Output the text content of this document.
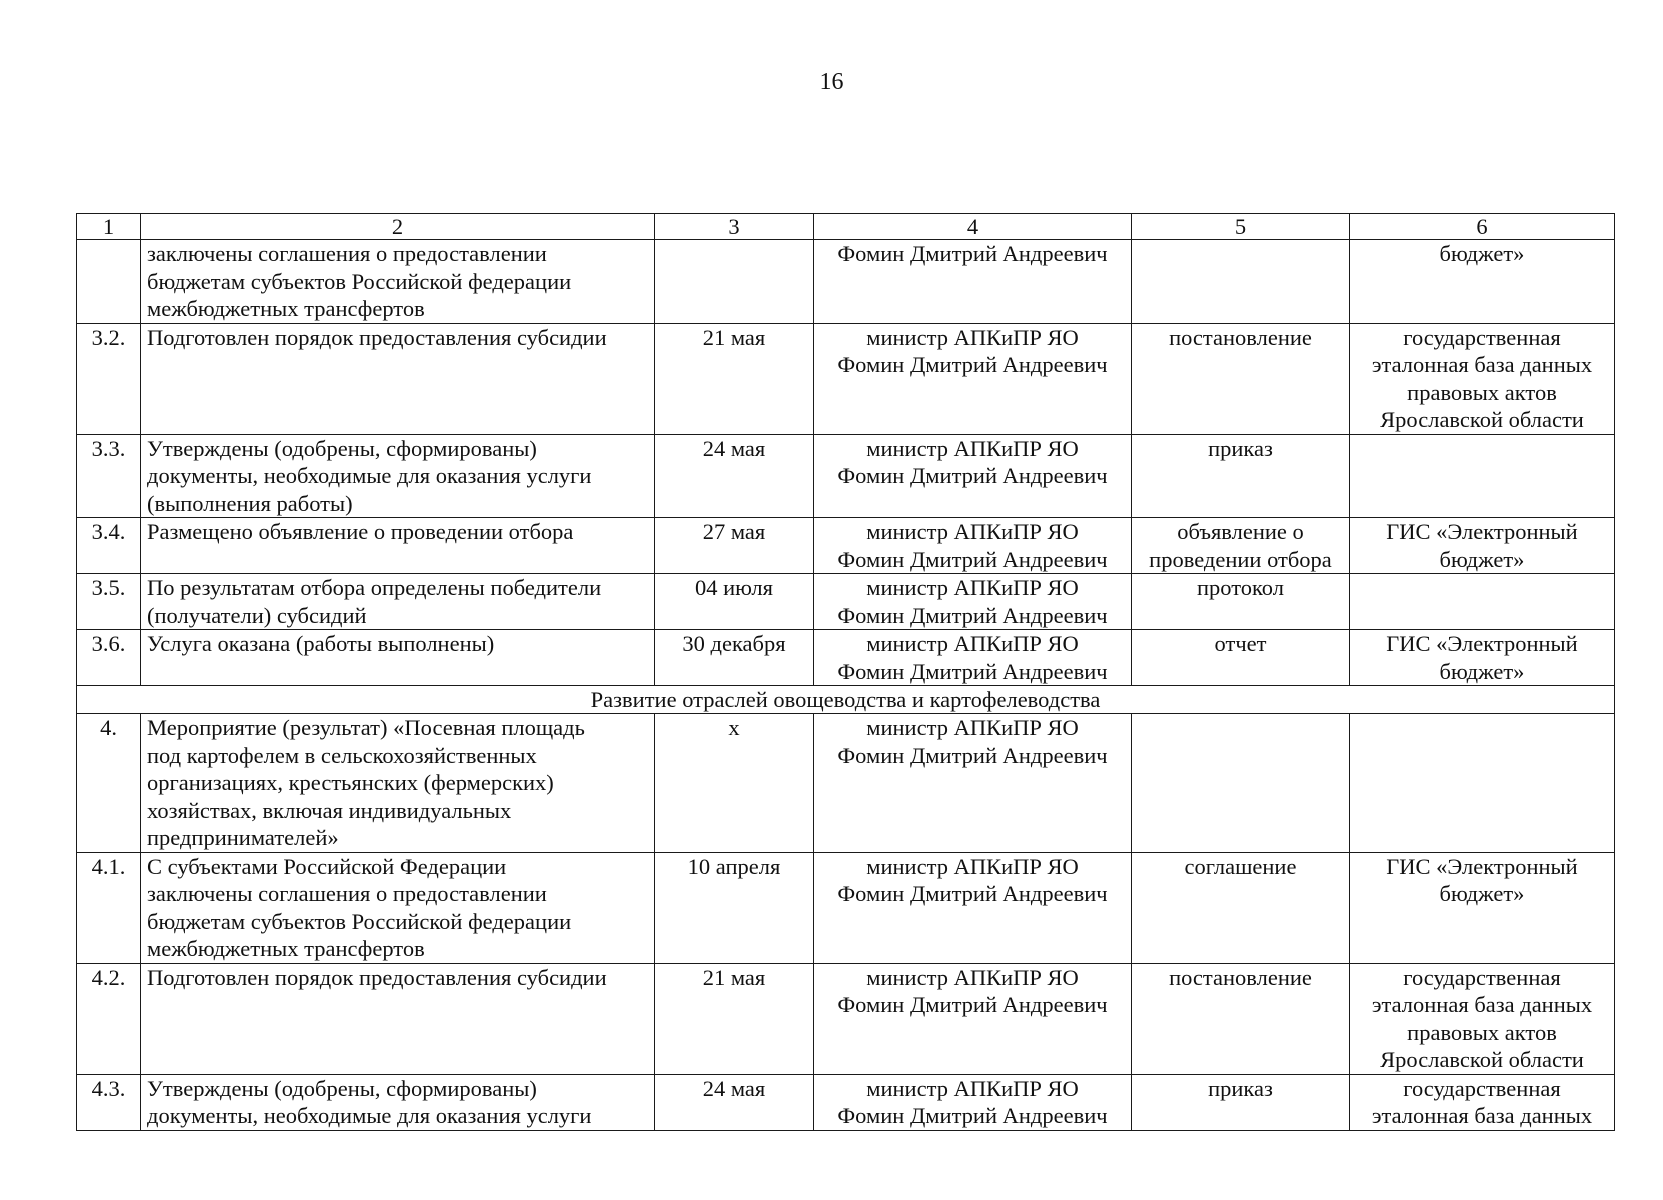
16
1	2	3	4	5	6

	заключены соглашения о предоставлении
бюджетам субъектов Российской федерации
межбюджетных трансфертов		Фомин Дмитрий Андреевич		бюджет»

3.2.	Подготовлен порядок предоставления субсидии	21 мая	министр АПКиПР ЯО
Фомин Дмитрий Андреевич	постановление	государственная
эталонная база данных
правовых актов
Ярославской области

3.3.	Утверждены (одобрены, сформированы)
документы, необходимые для оказания услуги
(выполнения работы)	24 мая	министр АПКиПР ЯО
Фомин Дмитрий Андреевич	приказ	

3.4.	Размещено объявление о проведении отбора	27 мая	министр АПКиПР ЯО
Фомин Дмитрий Андреевич	объявление о
проведении отбора	ГИС «Электронный
бюджет»

3.5.	По результатам отбора определены победители
(получатели) субсидий	04 июля	министр АПКиПР ЯО
Фомин Дмитрий Андреевич	протокол	

3.6.	Услуга оказана (работы выполнены)	30 декабря	министр АПКиПР ЯО
Фомин Дмитрий Андреевич	отчет	ГИС «Электронный
бюджет»

Развитие отраслей овощеводства и картофелеводства					
4.	Мероприятие (результат) «Посевная площадь
под картофелем в сельскохозяйственных
организациях, крестьянских (фермерских)
хозяйствах, включая индивидуальных
предпринимателей»	х	министр АПКиПР ЯО
Фомин Дмитрий Андреевич		

4.1.	С субъектами Российской Федерации
заключены соглашения о предоставлении
бюджетам субъектов Российской федерации
межбюджетных трансфертов	10 апреля	министр АПКиПР ЯО
Фомин Дмитрий Андреевич	соглашение	ГИС «Электронный
бюджет»

4.2.	Подготовлен порядок предоставления субсидии	21 мая	министр АПКиПР ЯО
Фомин Дмитрий Андреевич	постановление	государственная
эталонная база данных
правовых актов
Ярославской области

4.3.	Утверждены (одобрены, сформированы)
документы, необходимые для оказания услуги	24 мая	министр АПКиПР ЯО
Фомин Дмитрий Андреевич	приказ	государственная
эталонная база данных
